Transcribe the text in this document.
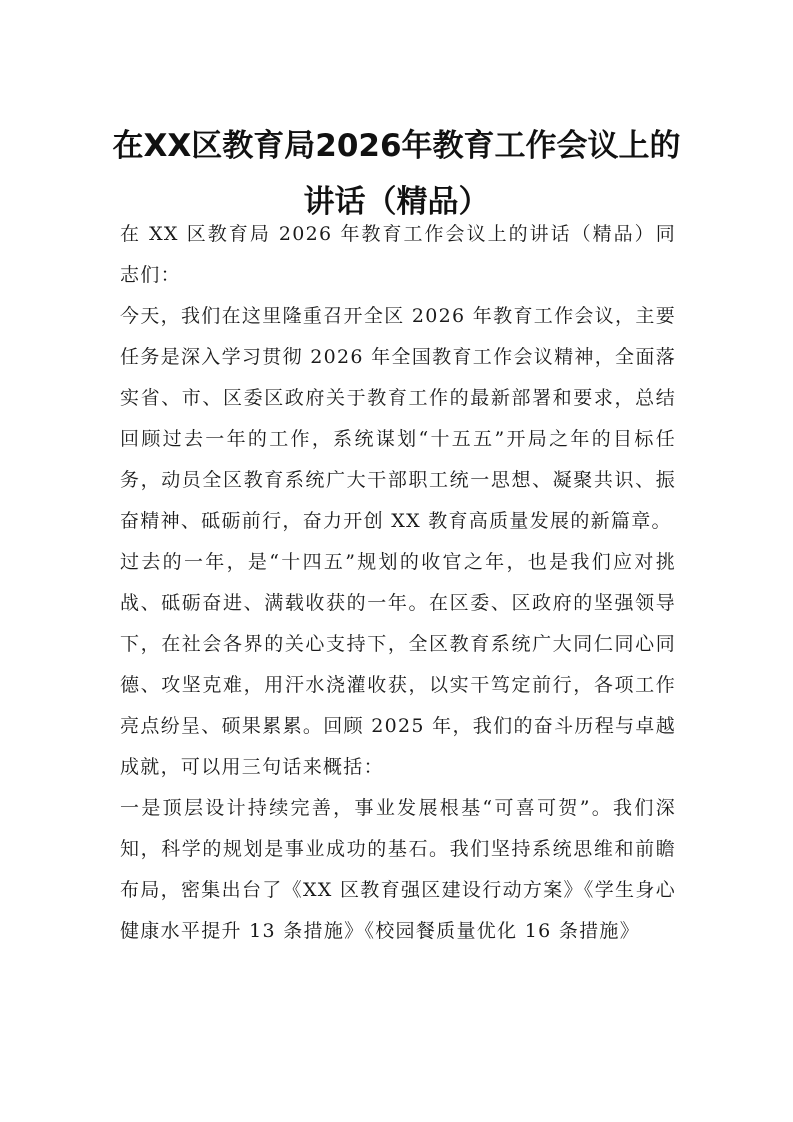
在XX区教育局2026年教育工作会议上的讲话（精品）

在 XX 区教育局 2026 年教育工作会议上的讲话（精品）同志们：

今天，我们在这里隆重召开全区 2026 年教育工作会议，主要任务是深入学习贯彻 2026 年全国教育工作会议精神，全面落实省、市、区委区政府关于教育工作的最新部署和要求，总结回顾过去一年的工作，系统谋划“十五五”开局之年的目标任务，动员全区教育系统广大干部职工统一思想、凝聚共识、振奋精神、砥砺前行，奋力开创 XX 教育高质量发展的新篇章。

过去的一年，是“十四五”规划的收官之年，也是我们应对挑战、砥砺奋进、满载收获的一年。在区委、区政府的坚强领导下，在社会各界的关心支持下，全区教育系统广大同仁同心同德、攻坚克难，用汗水浇灌收获，以实干笃定前行，各项工作亮点纷呈、硕果累累。回顾 2025 年，我们的奋斗历程与卓越成就，可以用三句话来概括：

一是顶层设计持续完善，事业发展根基“可喜可贺”。我们深知，科学的规划是事业成功的基石。我们坚持系统思维和前瞻布局，密集出台了《XX 区教育强区建设行动方案》《学生身心健康水平提升 13 条措施》《校园餐质量优化 16 条措施》
